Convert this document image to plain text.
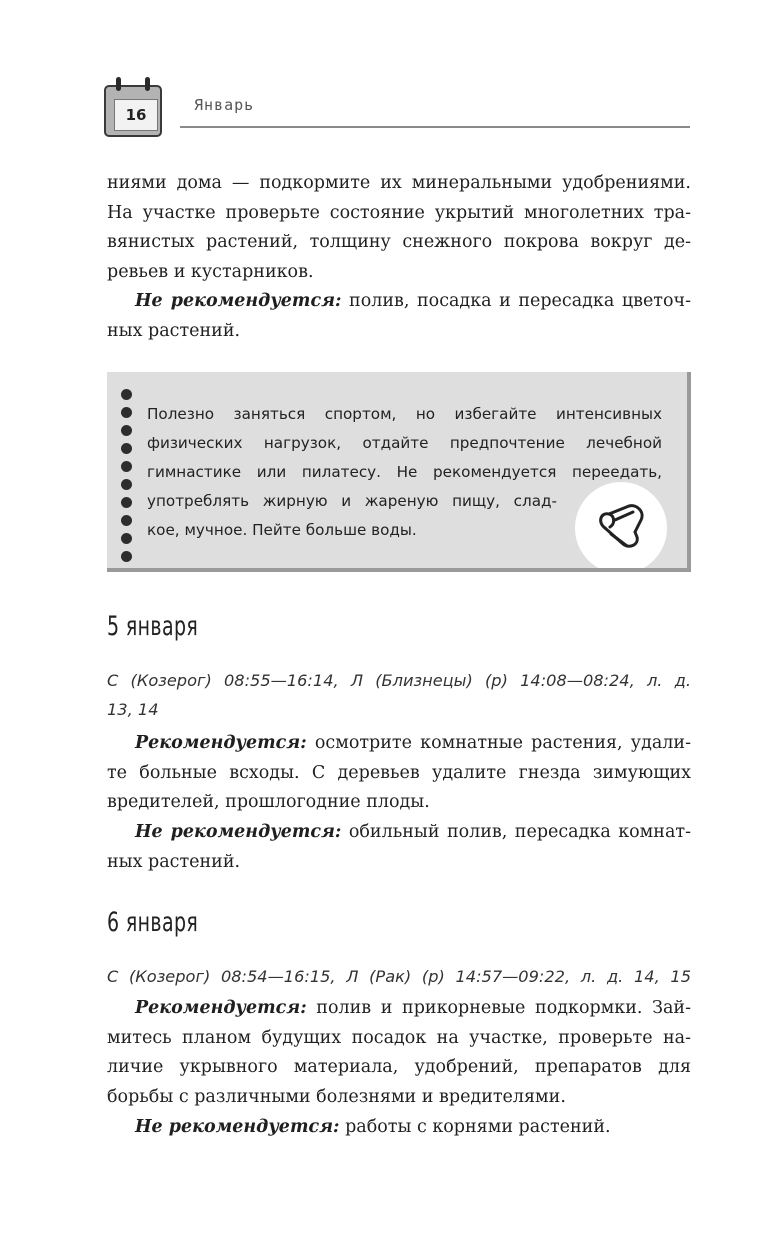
16
Январь
ниями дома — подкормите их минеральными удобрениями.
На участке проверьте состояние укрытий многолетних тра-
вянистых растений, толщину снежного покрова вокруг де-
ревьев и кустарников.
Не рекомендуется: полив, посадка и пересадка цветоч-
ных растений.
Полезно заняться спортом, но избегайте интенсивных
физических нагрузок, отдайте предпочтение лечебной
гимнастике или пилатесу. Не рекомендуется переедать,
употреблять жирную и жареную пищу, слад-
кое, мучное. Пейте больше воды.
5 января
С (Козерог) 08:55—16:14, Л (Близнецы) (р) 14:08—08:24, л. д.
13, 14
Рекомендуется: осмотрите комнатные растения, удали-
те больные всходы. С деревьев удалите гнезда зимующих
вредителей, прошлогодние плоды.
Не рекомендуется: обильный полив, пересадка комнат-
ных растений.
6 января
С (Козерог) 08:54—16:15, Л (Рак) (р) 14:57—09:22, л. д. 14, 15
Рекомендуется: полив и прикорневые подкормки. Зай-
митесь планом будущих посадок на участке, проверьте на-
личие укрывного материала, удобрений, препаратов для
борьбы с различными болезнями и вредителями.
Не рекомендуется: работы с корнями растений.
